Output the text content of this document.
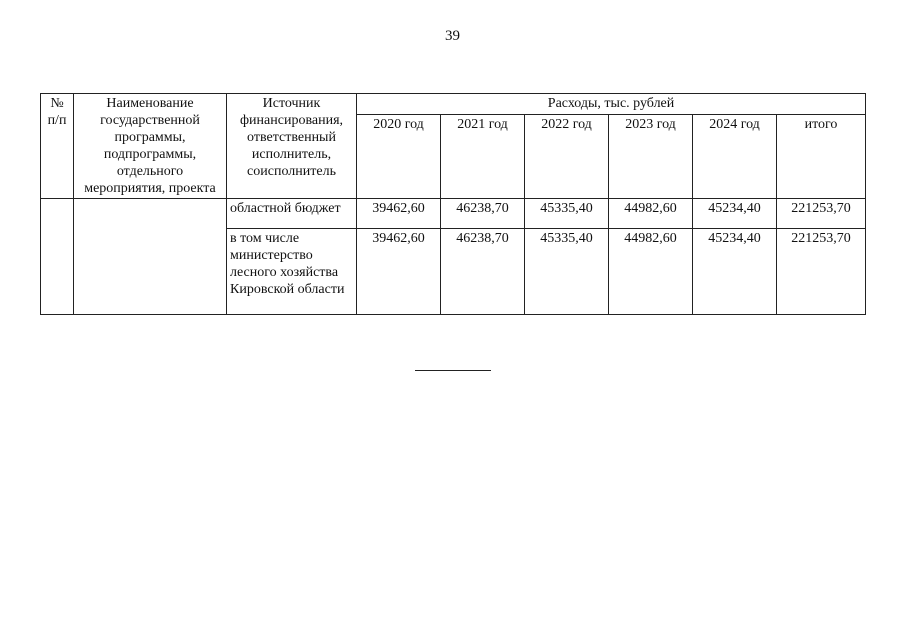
39
№ п/п	Наименование государственной программы, подпрограммы, отдельного мероприятия, проекта	Источник финансирования, ответственный исполнитель, соисполнитель	Расходы, тыс. рублей					
			2020 год	2021 год	2022 год	2023 год	2024 год	итого
		областной бюджет	39462,60	46238,70	45335,40	44982,60	45234,40	221253,70
		в том числе министерство лесного хозяйства Кировской области	39462,60	46238,70	45335,40	44982,60	45234,40	221253,70
